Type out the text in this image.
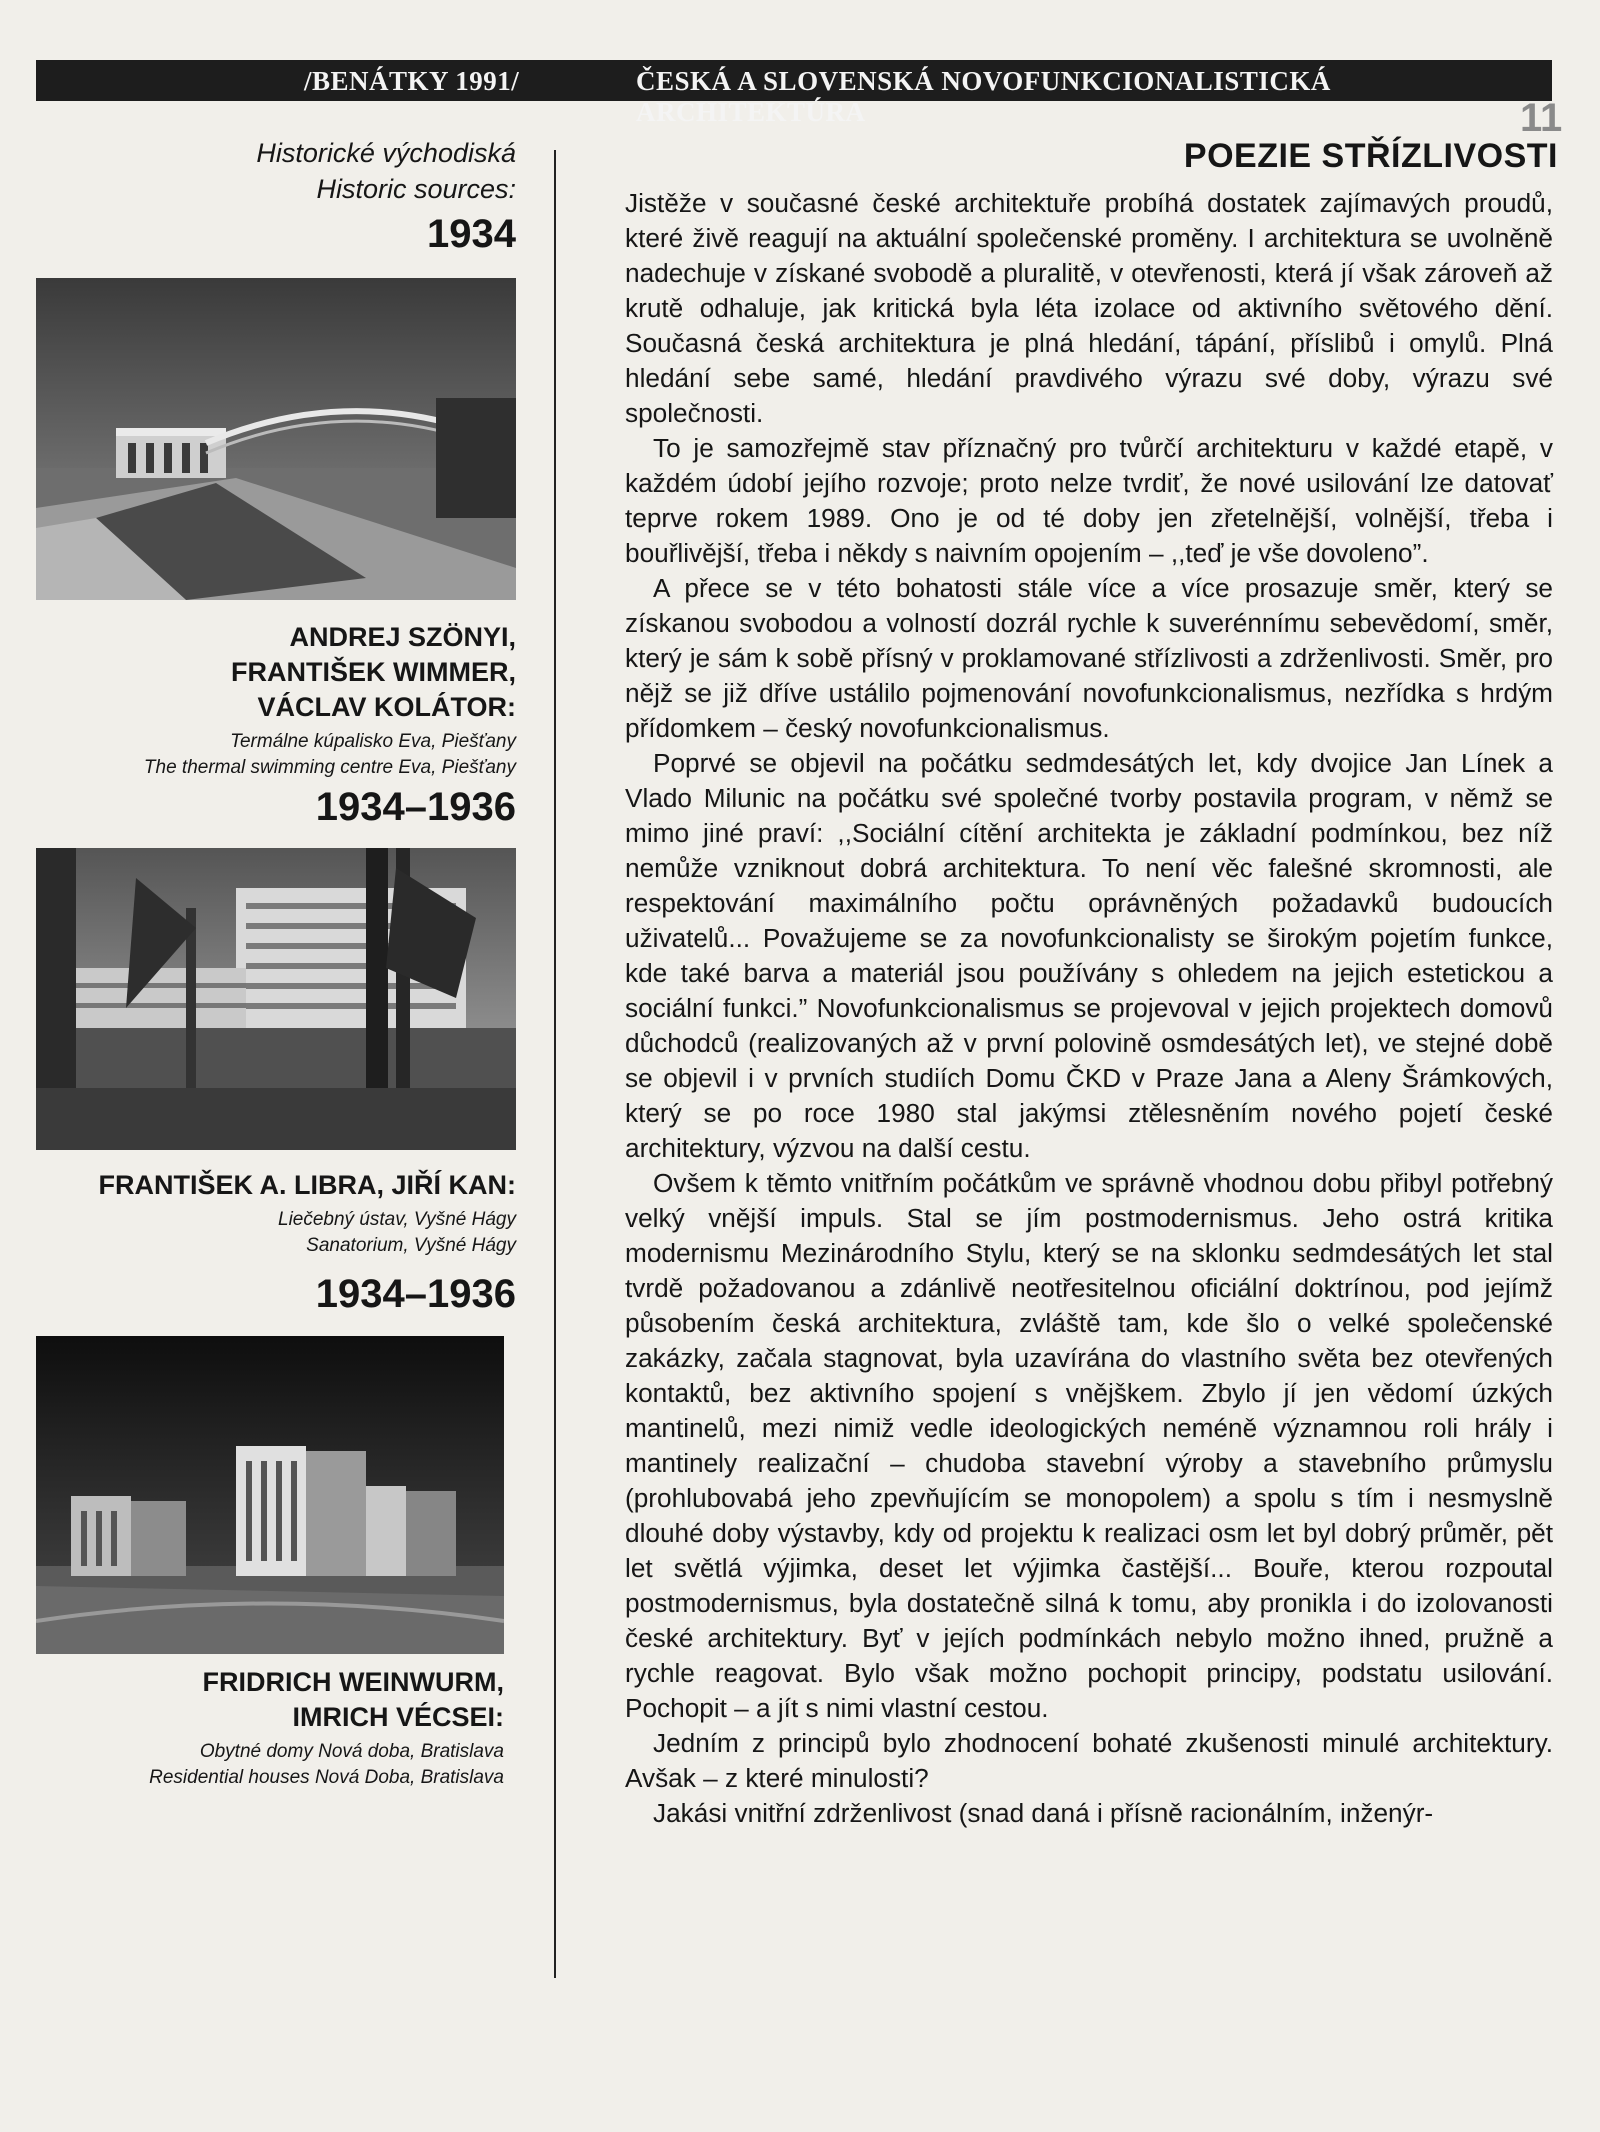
/BENÁTKY 1991/	ČESKÁ A SLOVENSKÁ NOVOFUNKCIONALISTICKÁ ARCHITEKTÚRA	11
Historické východiská
Historic sources:
1934
ANDREJ SZÖNYI,
FRANTIŠEK WIMMER,
VÁCLAV KOLÁTOR:
Termálne kúpalisko Eva, Piešťany
The thermal swimming centre Eva, Piešťany
1934–1936
FRANTIŠEK A. LIBRA, JIŘÍ KAN:
Liečebný ústav, Vyšné Hágy
Sanatorium, Vyšné Hágy
1934–1936
FRIDRICH WEINWURM,
IMRICH VÉCSEI:
Obytné domy Nová doba, Bratislava
Residential houses Nová Doba, Bratislava
POEZIE STŘÍZLIVOSTI

Jistěže v současné české architektuře probíhá dostatek zajímavých proudů, které živě reagují na aktuální společenské proměny. I architektura se uvolněně nadechuje v získané svobodě a pluralitě, v otevřenosti, která jí však zároveň až krutě odhaluje, jak kritická byla léta izolace od aktivního světového dění. Současná česká architektura je plná hledání, tápání, příslibů i omylů. Plná hledání sebe samé, hledání pravdivého výrazu své doby, výrazu své společnosti.

To je samozřejmě stav příznačný pro tvůrčí architekturu v každé etapě, v každém údobí jejího rozvoje; proto nelze tvrdiť, že nové usilování lze datovať teprve rokem 1989. Ono je od té doby jen zřetelnější, volnější, třeba i bouřlivější, třeba i někdy s naivním opojením – ,,teď je vše dovoleno”.

A přece se v této bohatosti stále více a více prosazuje směr, který se získanou svobodou a volností dozrál rychle k suverénnímu sebevědomí, směr, který je sám k sobě přísný v proklamované střízlivosti a zdrženlivosti. Směr, pro nějž se již dříve ustálilo pojmenování novofunkcionalismus, nezřídka s hrdým přídomkem – český novofunkcionalismus.

Poprvé se objevil na počátku sedmdesátých let, kdy dvojice Jan Línek a Vlado Milunic na počátku své společné tvorby postavila program, v němž se mimo jiné praví: ,,Sociální cítění architekta je základní podmínkou, bez níž nemůže vzniknout dobrá architektura. To není věc falešné skromnosti, ale respektování maximálního počtu oprávněných požadavků budoucích uživatelů... Považujeme se za novofunkcionalisty se širokým pojetím funkce, kde také barva a materiál jsou používány s ohledem na jejich estetickou a sociální funkci.” Novofunkcionalismus se projevoval v jejich projektech domovů důchodců (realizovaných až v první polovině osmdesátých let), ve stejné době se objevil i v prvních studiích Domu ČKD v Praze Jana a Aleny Šrámkových, který se po roce 1980 stal jakýmsi ztělesněním nového pojetí české architektury, výzvou na další cestu.

Ovšem k těmto vnitřním počátkům ve správně vhodnou dobu přibyl potřebný velký vnější impuls. Stal se jím postmodernismus. Jeho ostrá kritika modernismu Mezinárodního Stylu, který se na sklonku sedmdesátých let stal tvrdě požadovanou a zdánlivě neotřesitelnou oficiální doktrínou, pod jejímž působením česká architektura, zvláště tam, kde šlo o velké společenské zakázky, začala stagnovat, byla uzavírána do vlastního světa bez otevřených kontaktů, bez aktivního spojení s vnějškem. Zbylo jí jen vědomí úzkých mantinelů, mezi nimiž vedle ideologických neméně významnou roli hrály i mantinely realizační – chudoba stavební výroby a stavebního průmyslu (prohlubovabá jeho zpevňujícím se monopolem) a spolu s tím i nesmyslně dlouhé doby výstavby, kdy od projektu k realizaci osm let byl dobrý průměr, pět let světlá výjimka, deset let výjimka častější... Bouře, kterou rozpoutal postmodernismus, byla dostatečně silná k tomu, aby pronikla i do izolovanosti české architektury. Byť v jejích podmínkách nebylo možno ihned, pružně a rychle reagovat. Bylo však možno pochopit principy, podstatu usilování. Pochopit – a jít s nimi vlastní cestou.

Jedním z principů bylo zhodnocení bohaté zkušenosti minulé architektury. Avšak – z které minulosti?

Jakási vnitřní zdrženlivost (snad daná i přísně racionálním, inženýr-
